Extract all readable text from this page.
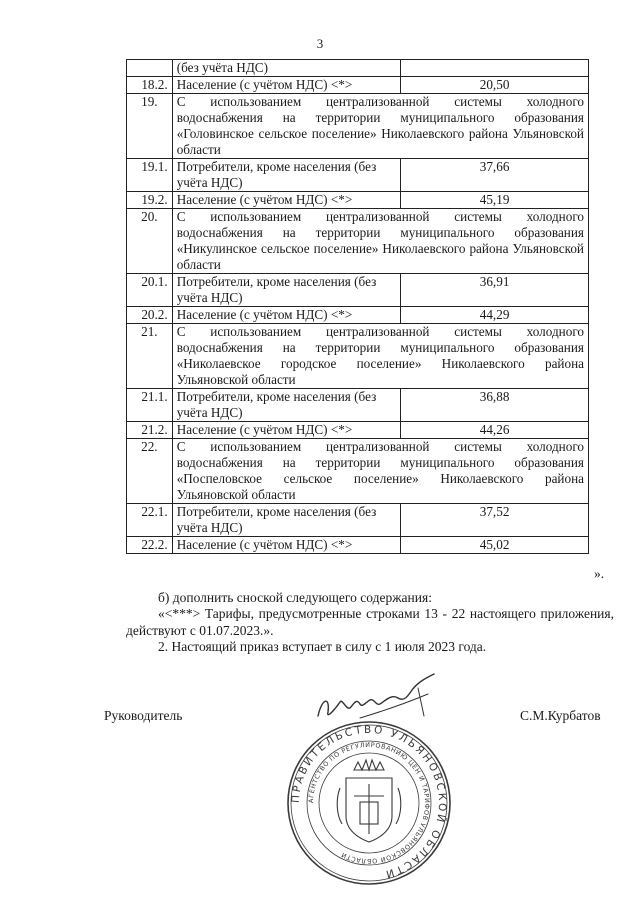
3
	(без учёта НДС)	
18.2.	Население (с учётом НДС) <*>	20,50
19.	С использованием централизованной системы холодного водоснабжения на территории муниципального образования «Головинское сельское поселение» Николаевского района Ульяновской области	
19.1.	Потребители, кроме населения (без учёта НДС)	37,66
19.2.	Население (с учётом НДС) <*>	45,19
20.	С использованием централизованной системы холодного водоснабжения на территории муниципального образования «Никулинское сельское поселение» Николаевского района Ульяновской области	
20.1.	Потребители, кроме населения (без учёта НДС)	36,91
20.2.	Население (с учётом НДС) <*>	44,29
21.	С использованием централизованной системы холодного водоснабжения на территории муниципального образования «Николаевское городское поселение» Николаевского района Ульяновской области	
21.1.	Потребители, кроме населения (без учёта НДС)	36,88
21.2.	Население (с учётом НДС) <*>	44,26
22.	С использованием централизованной системы холодного водоснабжения на территории муниципального образования «Поспеловское сельское поселение» Николаевского района Ульяновской области	
22.1.	Потребители, кроме населения (без учёта НДС)	37,52
22.2.	Население (с учётом НДС) <*>	45,02
».
б) дополнить сноской следующего содержания:
«<***> Тарифы, предусмотренные строками 13 - 22 настоящего приложения, действуют с 01.07.2023.».
2. Настоящий приказ вступает в силу с 1 июля 2023 года.
Руководитель	С.М.Курбатов
ПРАВИТЕЛЬСТВО УЛЬЯНОВСКОЙ ОБЛАСТИ
АГЕНТСТВО ПО РЕГУЛИРОВАНИЮ ЦЕН И ТАРИФОВ УЛЬЯНОВСКОЙ ОБЛАСТИ
